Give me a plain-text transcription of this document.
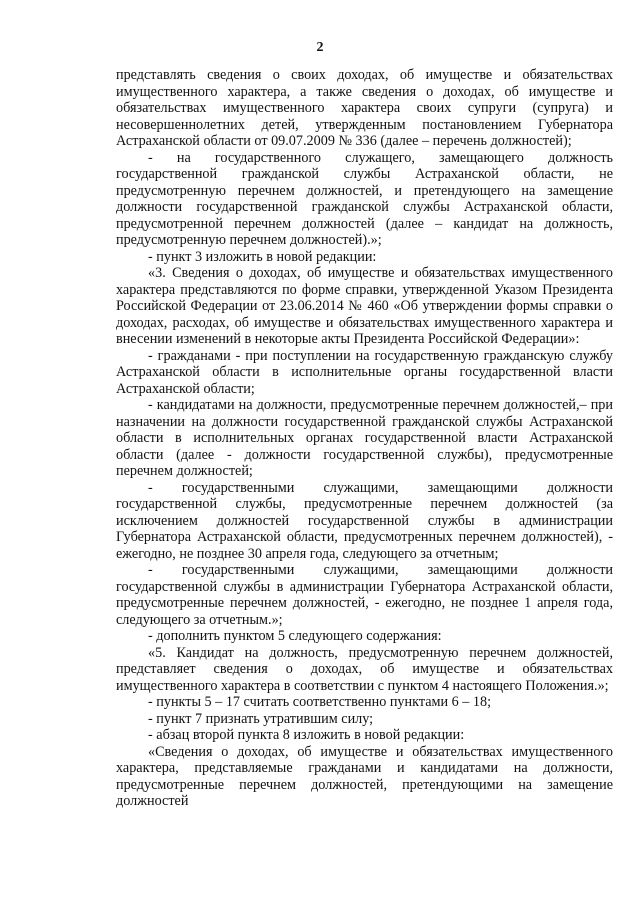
2

представлять сведения о своих доходах, об имуществе и обязательствах имущественного характера, а также сведения о доходах, об имуществе и обязательствах имущественного характера своих супруги (супруга) и несовершеннолетних детей, утвержденным постановлением Губернатора Астраханской области от 09.07.2009 № 336 (далее – перечень должностей);

- на государственного служащего, замещающего должность государственной гражданской службы Астраханской области, не предусмотренную перечнем должностей, и претендующего на замещение должности государственной гражданской службы Астраханской области, предусмотренной перечнем должностей (далее – кандидат на должность, предусмотренную перечнем должностей).»;

- пункт 3 изложить в новой редакции:

«3. Сведения о доходах, об имуществе и обязательствах имущественного характера представляются по форме справки, утвержденной Указом Президента Российской Федерации от 23.06.2014 № 460 «Об утверждении формы справки о доходах, расходах, об имуществе и обязательствах имущественного характера и внесении изменений в некоторые акты Президента Российской Федерации»:

- гражданами - при поступлении на государственную гражданскую службу Астраханской области в исполнительные органы государственной власти Астраханской области;

- кандидатами на должности, предусмотренные перечнем должностей,– при назначении на должности государственной гражданской службы Астраханской области в исполнительных органах государственной власти Астраханской области (далее - должности государственной службы), предусмотренные перечнем должностей;

- государственными служащими, замещающими должности государственной службы, предусмотренные перечнем должностей (за исключением должностей государственной службы в администрации Губернатора Астраханской области, предусмотренных перечнем должностей), - ежегодно, не позднее 30 апреля года, следующего за отчетным;

- государственными служащими, замещающими должности государственной службы в администрации Губернатора Астраханской области, предусмотренные перечнем должностей, - ежегодно, не позднее 1 апреля года, следующего за отчетным.»;

- дополнить пунктом 5 следующего содержания:

«5. Кандидат на должность, предусмотренную перечнем должностей, представляет сведения о доходах, об имуществе и обязательствах имущественного характера в соответствии с пунктом 4 настоящего Положения.»;

- пункты 5 – 17 считать соответственно пунктами 6 – 18;

- пункт 7 признать утратившим силу;

- абзац второй пункта 8 изложить в новой редакции:

«Сведения о доходах, об имуществе и обязательствах имущественного характера, представляемые гражданами и кандидатами на должности, предусмотренные перечнем должностей, претендующими на замещение должностей
